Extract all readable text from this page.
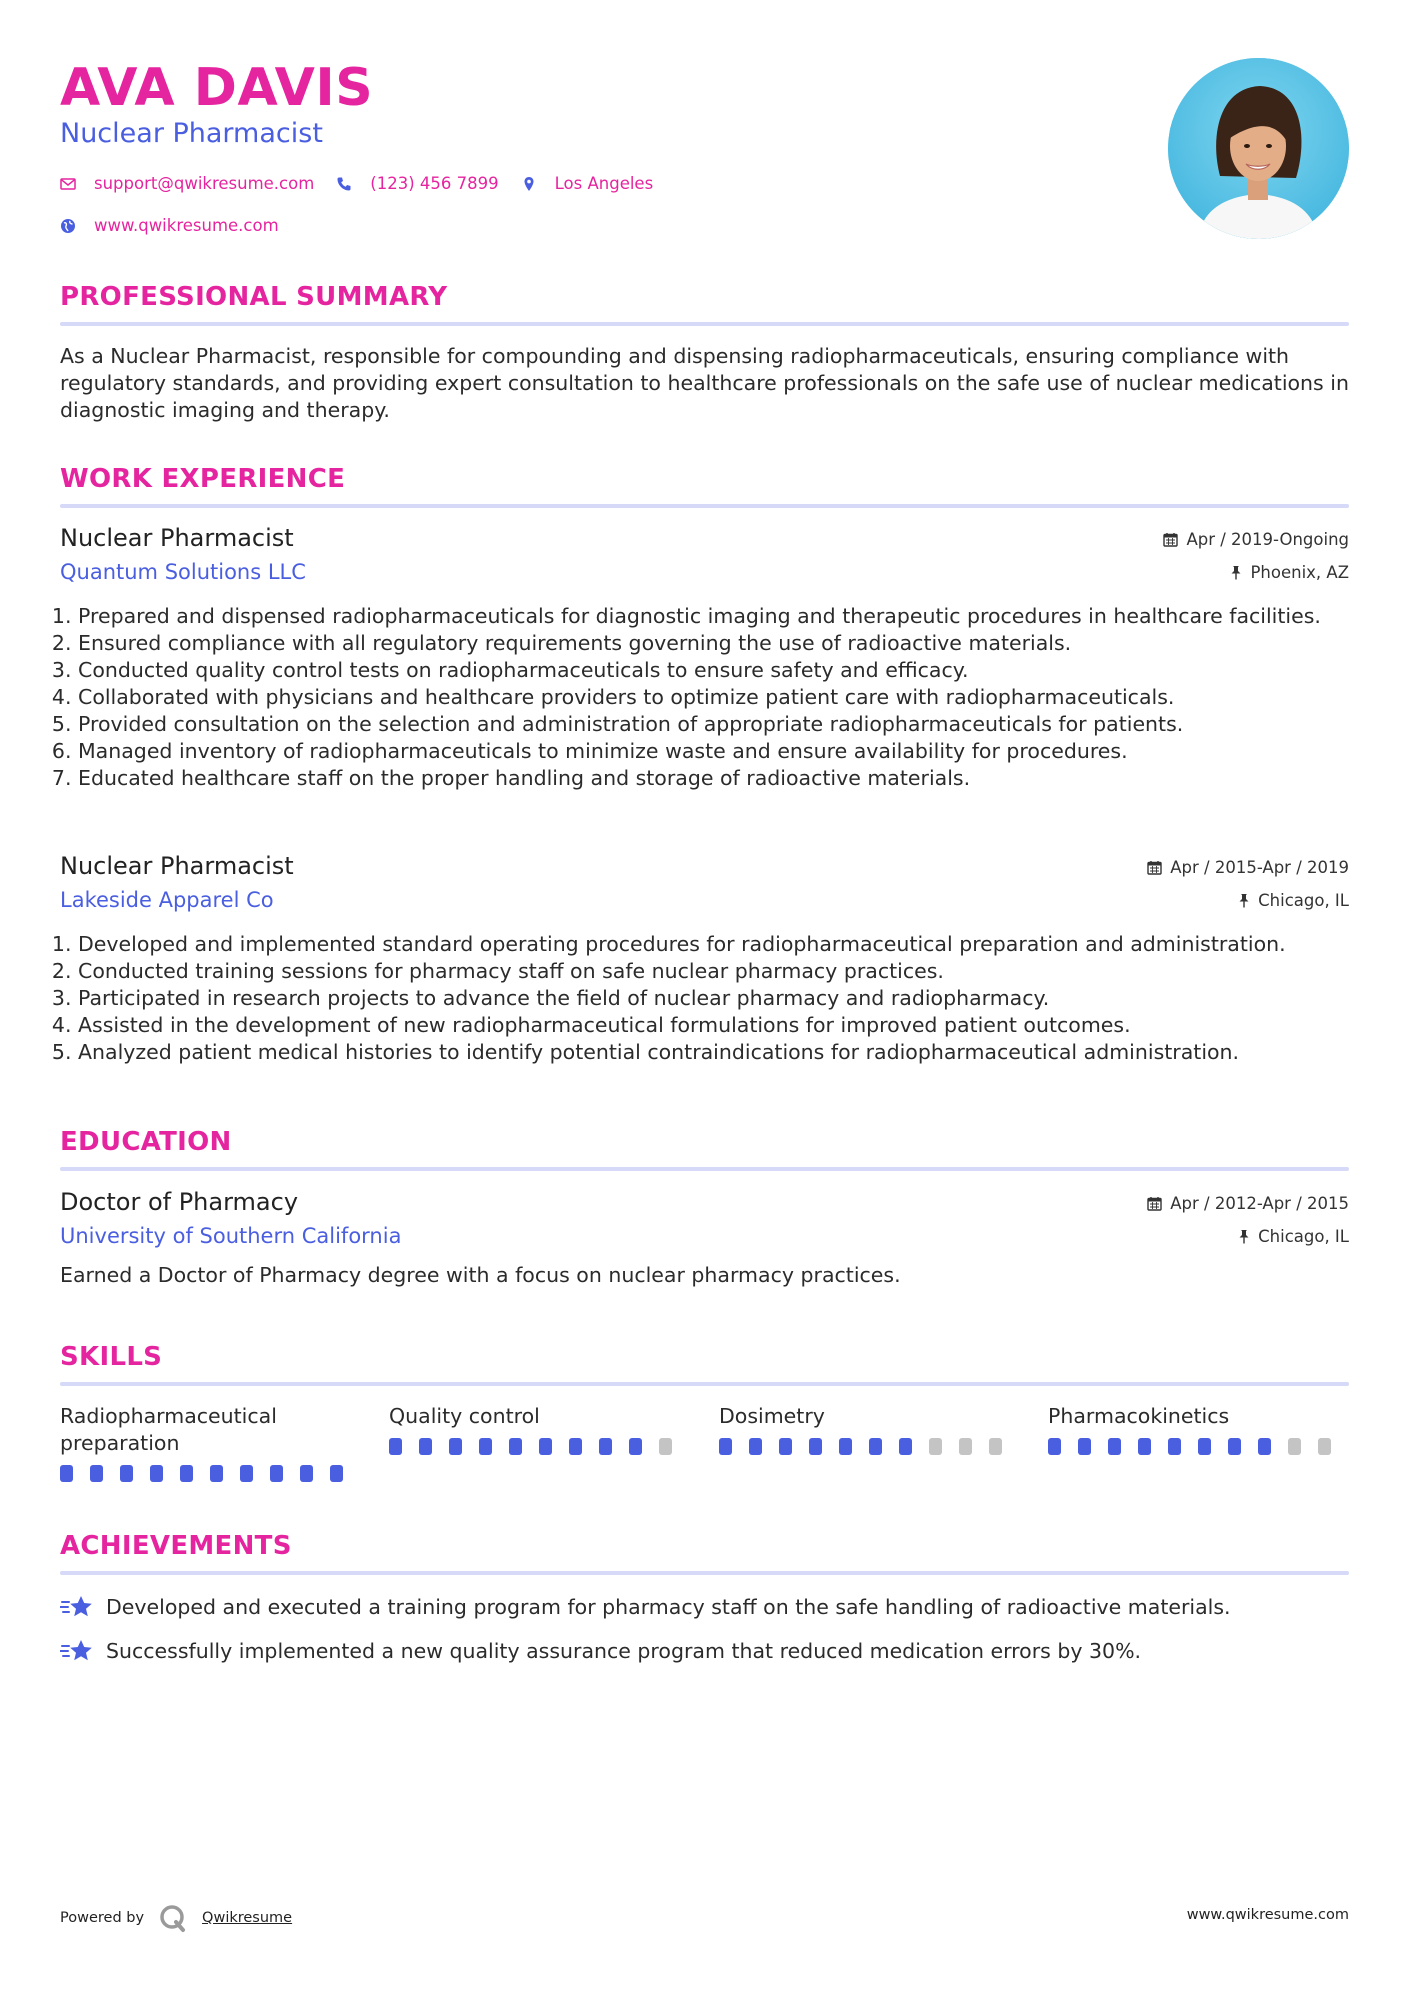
AVA DAVIS
Nuclear Pharmacist
support@qwikresume.com	(123) 456 7899	Los Angeles
www.qwikresume.com
PROFESSIONAL SUMMARY

As a Nuclear Pharmacist, responsible for compounding and dispensing radiopharmaceuticals, ensuring compliance with regulatory standards, and providing expert consultation to healthcare professionals on the safe use of nuclear medications in diagnostic imaging and therapy.

WORK EXPERIENCE
Nuclear Pharmacist
Quantum Solutions LLC
Apr / 2019-Ongoing
Phoenix, AZ
1. Prepared and dispensed radiopharmaceuticals for diagnostic imaging and therapeutic procedures in healthcare facilities.
2. Ensured compliance with all regulatory requirements governing the use of radioactive materials.
3. Conducted quality control tests on radiopharmaceuticals to ensure safety and efficacy.
4. Collaborated with physicians and healthcare providers to optimize patient care with radiopharmaceuticals.
5. Provided consultation on the selection and administration of appropriate radiopharmaceuticals for patients.
6. Managed inventory of radiopharmaceuticals to minimize waste and ensure availability for procedures.
7. Educated healthcare staff on the proper handling and storage of radioactive materials.
Nuclear Pharmacist
Lakeside Apparel Co
Apr / 2015-Apr / 2019
Chicago, IL
1. Developed and implemented standard operating procedures for radiopharmaceutical preparation and administration.
2. Conducted training sessions for pharmacy staff on safe nuclear pharmacy practices.
3. Participated in research projects to advance the field of nuclear pharmacy and radiopharmacy.
4. Assisted in the development of new radiopharmaceutical formulations for improved patient outcomes.
5. Analyzed patient medical histories to identify potential contraindications for radiopharmaceutical administration.
EDUCATION
Doctor of Pharmacy
University of Southern California
Apr / 2012-Apr / 2015
Chicago, IL
Earned a Doctor of Pharmacy degree with a focus on nuclear pharmacy practices.
SKILLS
Radiopharmaceutical preparation
Quality control	Dosimetry	Pharmacokinetics
ACHIEVEMENTS
Developed and executed a training program for pharmacy staff on the safe handling of radioactive materials.
Successfully implemented a new quality assurance program that reduced medication errors by 30%.
Powered by	Qwikresume	www.qwikresume.com
